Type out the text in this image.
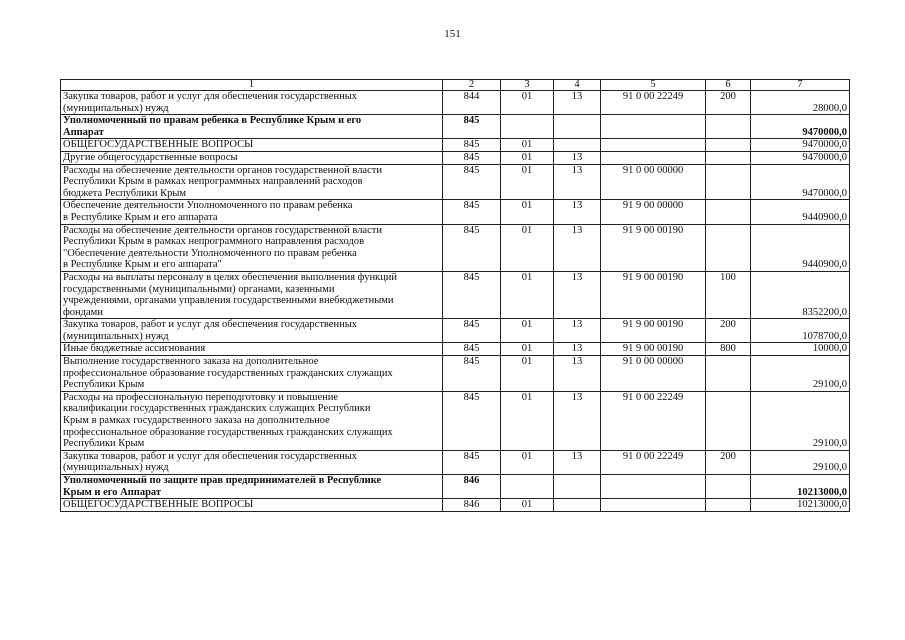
151
1	2	3	4	5	6	7
Закупка товаров, работ и услуг для обеспечения государственных
(муниципальных) нужд	844	01	13	91 0 00 22249	200	28000,0
Уполномоченный по правам ребенка в Республике Крым и его
Аппарат	845					9470000,0
ОБЩЕГОСУДАРСТВЕННЫЕ ВОПРОСЫ	845	01				9470000,0
Другие общегосударственные вопросы	845	01	13			9470000,0
Расходы на обеспечение деятельности органов государственной власти
Республики Крым в рамках непрограммных направлений расходов
бюджета Республики Крым	845	01	13	91 0 00 00000		9470000,0
Обеспечение деятельности Уполномоченного по правам ребенка
в Республике Крым и его аппарата	845	01	13	91 9 00 00000		9440900,0
Расходы на обеспечение деятельности органов государственной власти
Республики Крым в рамках непрограммного направления расходов
"Обеспечение деятельности Уполномоченного по правам ребенка
в Республике Крым и его аппарата"	845	01	13	91 9 00 00190		9440900,0
Расходы на выплаты персоналу в целях обеспечения выполнения функций
государственными (муниципальными) органами, казенными
учреждениями, органами управления государственными внебюджетными
фондами	845	01	13	91 9 00 00190	100	8352200,0
Закупка товаров, работ и услуг для обеспечения государственных
(муниципальных) нужд	845	01	13	91 9 00 00190	200	1078700,0
Иные бюджетные ассигнования	845	01	13	91 9 00 00190	800	10000,0
Выполнение государственного заказа на дополнительное
профессиональное образование государственных гражданских служащих
Республики Крым	845	01	13	91 0 00 00000		29100,0
Расходы на профессиональную переподготовку и повышение
квалификации государственных гражданских служащих Республики
Крым в рамках государственного заказа на дополнительное
профессиональное образование государственных гражданских служащих
Республики Крым	845	01	13	91 0 00 22249		29100,0
Закупка товаров, работ и услуг для обеспечения государственных
(муниципальных) нужд	845	01	13	91 0 00 22249	200	29100,0
Уполномоченный по защите прав предпринимателей в Республике
Крым и его Аппарат	846					10213000,0
ОБЩЕГОСУДАРСТВЕННЫЕ ВОПРОСЫ	846	01				10213000,0
